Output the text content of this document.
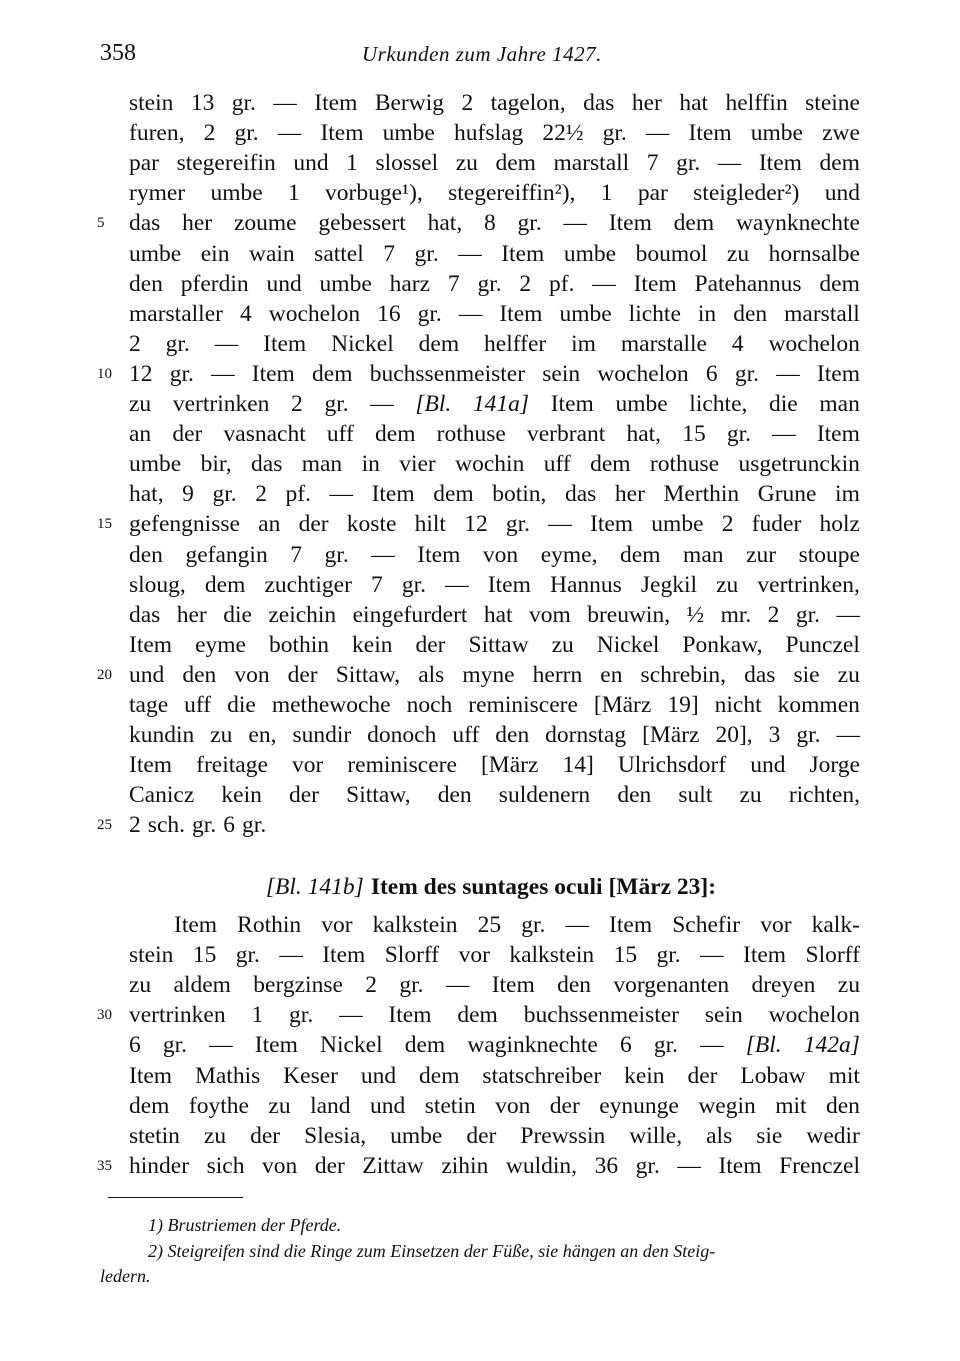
358	Urkunden zum Jahre 1427.
stein 13 gr. — Item Berwig 2 tagelon, das her hat helffin steine
furen, 2 gr. — Item umbe hufslag 22½ gr. — Item umbe zwe
par stegereifin und 1 slossel zu dem marstall 7 gr. — Item dem
rymer umbe 1 vorbuge¹), stegereiffin²), 1 par steigleder²) und
das her zoume gebessert hat, 8 gr. — Item dem waynknechte
5
umbe ein wain sattel 7 gr. — Item umbe boumol zu hornsalbe
den pferdin und umbe harz 7 gr. 2 pf. — Item Patehannus dem
marstaller 4 wochelon 16 gr. — Item umbe lichte in den marstall
2 gr. — Item Nickel dem helffer im marstalle 4 wochelon
12 gr. — Item dem buchssenmeister sein wochelon 6 gr. — Item
10
zu vertrinken 2 gr. — [Bl. 141a] Item umbe lichte, die man
an der vasnacht uff dem rothuse verbrant hat, 15 gr. — Item
umbe bir, das man in vier wochin uff dem rothuse usgetrunckin
hat, 9 gr. 2 pf. — Item dem botin, das her Merthin Grune im
gefengnisse an der koste hilt 12 gr. — Item umbe 2 fuder holz
15
den gefangin 7 gr. — Item von eyme, dem man zur stoupe
sloug, dem zuchtiger 7 gr. — Item Hannus Jegkil zu vertrinken,
das her die zeichin eingefurdert hat vom breuwin, ½ mr. 2 gr. —
Item eyme bothin kein der Sittaw zu Nickel Ponkaw, Punczel
und den von der Sittaw, als myne herrn en schrebin, das sie zu
20
tage uff die methewoche noch reminiscere [März 19] nicht kommen
kundin zu en, sundir donoch uff den dornstag [März 20], 3 gr. —
Item freitage vor reminiscere [März 14] Ulrichsdorf und Jorge
Canicz kein der Sittaw, den suldenern den sult zu richten,
2 sch. gr. 6 gr.
25
[Bl. 141b] Item des suntages oculi [März 23]:
Item Rothin vor kalkstein 25 gr. — Item Schefir vor kalk-
stein 15 gr. — Item Slorff vor kalkstein 15 gr. — Item Slorff
zu aldem bergzinse 2 gr. — Item den vorgenanten dreyen zu
vertrinken 1 gr. — Item dem buchssenmeister sein wochelon
30
6 gr. — Item Nickel dem waginknechte 6 gr. — [Bl. 142a]
Item Mathis Keser und dem statschreiber kein der Lobaw mit
dem foythe zu land und stetin von der eynunge wegin mit den
stetin zu der Slesia, umbe der Prewssin wille, als sie wedir
hinder sich von der Zittaw zihin wuldin, 36 gr. — Item Frenczel
35
1) Brustriemen der Pferde.
2) Steigreifen sind die Ringe zum Einsetzen der Füße, sie hängen an den Steig-
ledern.
